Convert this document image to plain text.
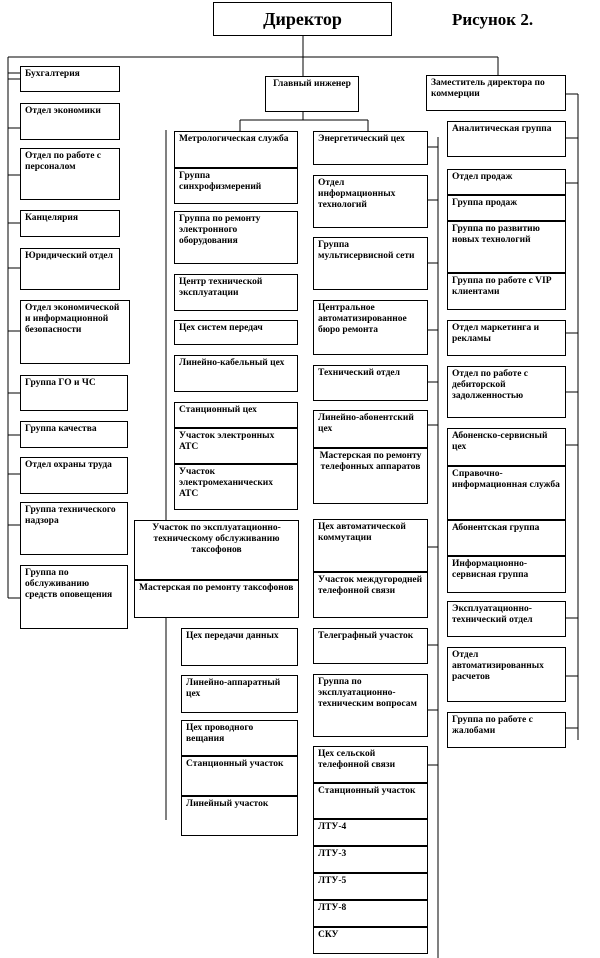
Директор	Рисунок 2.
Бухгалтерия
Отдел экономики
Отдел по работе с персоналом
Канцелярия
Юридический отдел
Отдел экономической и информационной безопасности
Группа ГО и ЧС
Группа качества
Отдел охраны труда
Группа технического надзора
Группа по обслуживанию средств оповещения
Главный инженер
Метрологическая служба
Группа синхрофизмерений
Группа по ремонту электронного оборудования
Центр технической эксплуатации
Цех систем передач
Линейно-кабельный цех
Станционный цех
Участок электронных АТС
Участок электромеханических АТС
Участок по эксплуатационно-техническому обслуживанию таксофонов
Мастерская по ремонту таксофонов
Цех передачи данных
Линейно-аппаратный цех
Цех проводного вещания
Станционный участок
Линейный участок
Энергетический цех
Отдел информационных технологий
Группа мультисервисной сети
Центральное автоматизированное бюро ремонта
Технический отдел
Линейно-абонентский цех
Мастерская по ремонту телефонных аппаратов
Цех автоматической коммутации
Участок междугородней телефонной связи
Телеграфный участок
Группа по эксплуатационно-техническим вопросам
Цех сельской телефонной связи
Станционный участок
ЛТУ-4
ЛТУ-3
ЛТУ-5
ЛТУ-8
СКУ
Заместитель директора по коммерции
Аналитическая группа
Отдел продаж
Группа продаж
Группа по развитию новых технологий
Группа по работе с VIP клиентами
Отдел маркетинга и рекламы
Отдел по работе с дебиторской задолженностью
Абоненско-сервисный цех
Справочно-информационная служба
Абонентская группа
Информационно-сервисная группа
Эксплуатационно-технический отдел
Отдел автоматизированных расчетов
Группа по работе с жалобами
